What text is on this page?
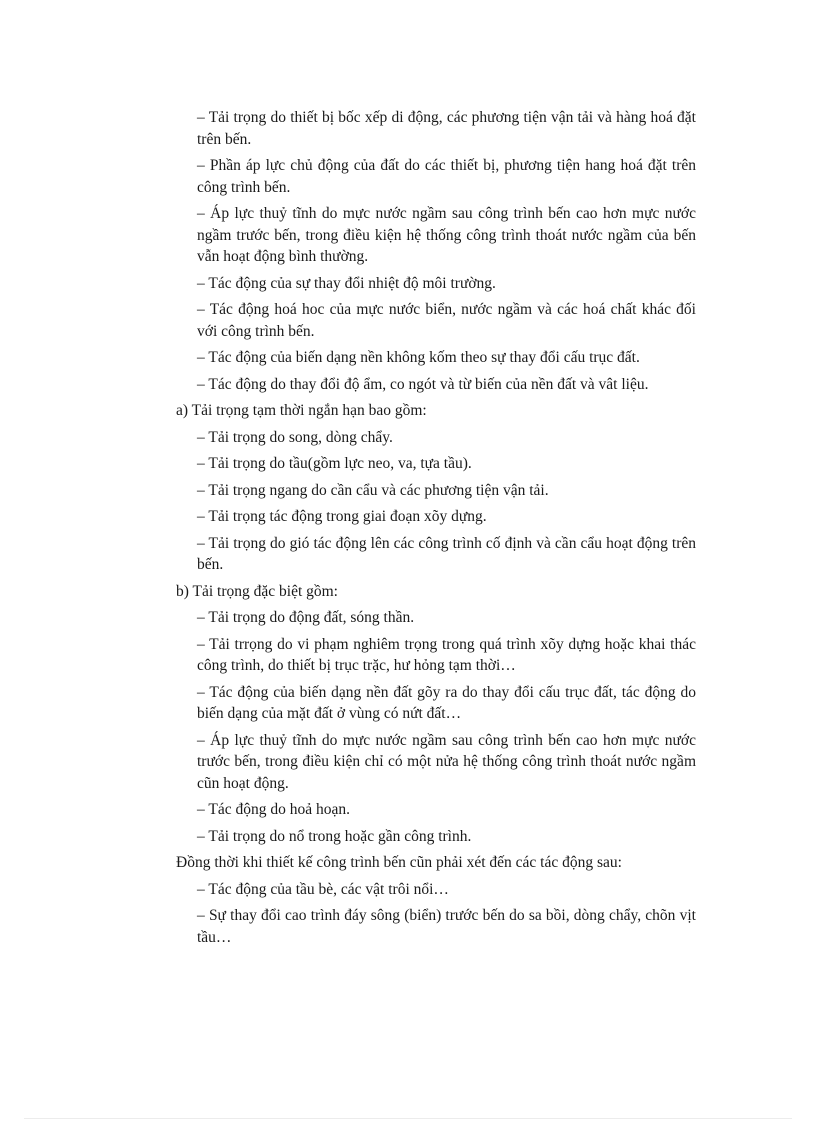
– Tải trọng do thiết bị bốc xếp di động, các phương tiện vận tải và hàng hoá đặt trên bến.

– Phần áp lực chủ động của đất do các thiết bị, phương tiện hang hoá đặt trên công trình bến.

– Áp lực thuỷ tĩnh do mực nước ngầm sau công trình bến cao hơn mực nước ngầm trước bến, trong điều kiện hệ thống công trình thoát nước ngầm của bến vẫn hoạt động bình thường.

– Tác động của sự thay đổi nhiệt độ môi trường.

– Tác động hoá hoc của mực nước biển, nước ngầm và các hoá chất khác đối với công trình bến.

– Tác động của biến dạng nền không kốm theo sự thay đổi cấu trục đất.

– Tác động do thay đổi độ ẩm, co ngót và từ biến của nền đất và vât liệu.

a) Tải trọng tạm thời ngắn hạn bao gồm:

– Tải trọng do song, dòng chẩy.

– Tải trọng do tầu(gồm lực neo, va, tựa tầu).

– Tải trọng ngang do cần cẩu và các phương tiện vận tải.

– Tải trọng tác động trong giai đoạn xõy dựng.

– Tải trọng do gió tác động lên các công trình cố định và cần cẩu hoạt động trên bến.

b) Tải trọng đặc biệt gồm:

– Tải trọng do động đất, sóng thần.

– Tải trrọng do vi phạm nghiêm trọng trong quá trình xõy dựng hoặc khai thác công trình, do thiết bị trục trặc, hư hỏng tạm thời…

– Tác động của biến dạng nền đất gõy ra do thay đổi cấu trục đất, tác động do biến dạng của mặt đất ở vùng có nứt đất…

– Áp lực thuỷ tĩnh do mực nước ngầm sau công trình bến cao hơn mực nước trước bến, trong điều kiện chỉ có một nửa hệ thống công trình thoát nước ngầm cũn hoạt động.

– Tác động do hoả hoạn.

– Tải trọng do nổ trong hoặc gần công trình.

Đồng thời khi thiết kế công trình bến cũn phải xét đến các tác động sau:

– Tác động của tầu bè, các vật trôi nổi…

– Sự thay đổi cao trình đáy sông (biển) trước bến do sa bồi, dòng chẩy, chõn vịt tầu…
